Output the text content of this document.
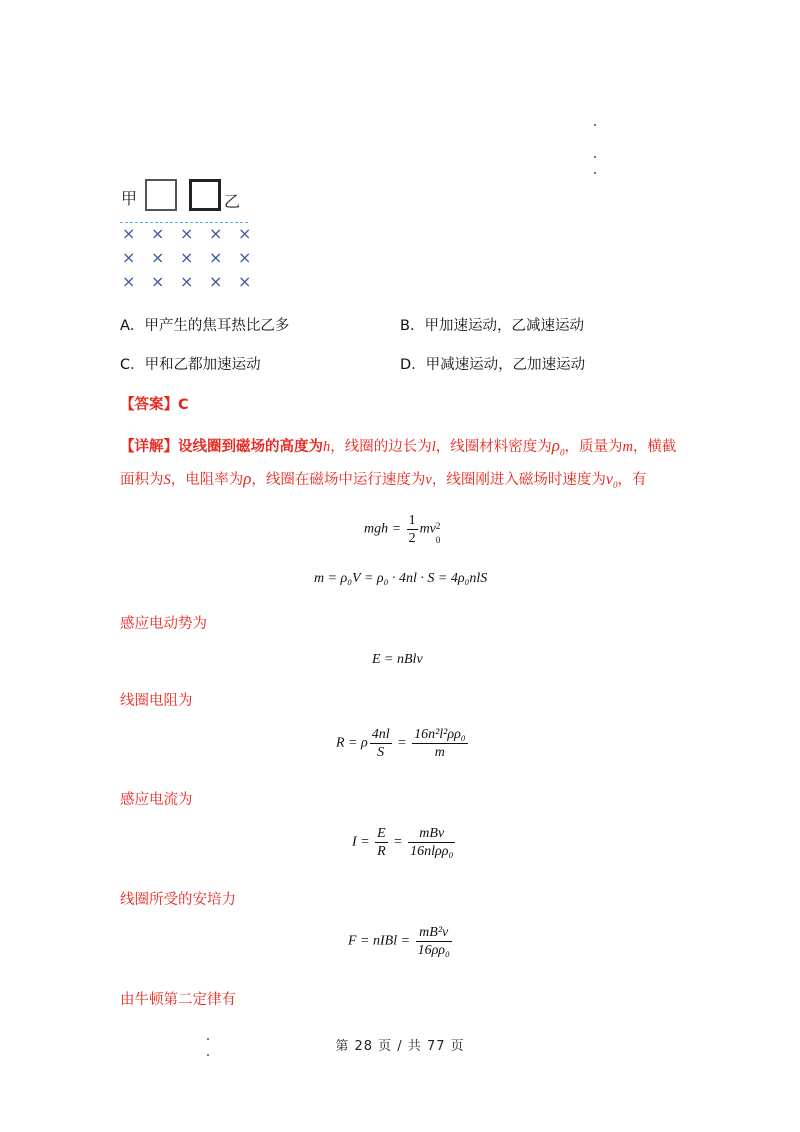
甲	乙
× × × × ×
× × × × ×
× × × × ×
A．甲产生的焦耳热比乙多	B．甲加速运动，乙减速运动
C．甲和乙都加速运动	D．甲减速运动，乙加速运动
【答案】C
【详解】设线圈到磁场的高度为h，线圈的边长为l，线圈材料密度为$\rho_0$，质量为m，横截
面积为S，电阻率为ρ，线圈在磁场中运行速度为v，线圈刚进入磁场时速度为$v_0$，有
mgh = $\frac{1}{2}$ mv 2
0
m = ρ₀V = ρ₀ · 4nl · S = 4ρ₀nlS
感应电动势为
E = nBlv
线圈电阻为
R = ρ $\frac{4nl}{S} = \frac{\text{16n²l²ρρ₀}}{m}$
感应电流为
$I = \frac{E}{R} = \frac{\text{mBv}}{\text{16nlρρ₀}}$
线圈所受的安培力
F = nIBl = $\frac{\text{mB²v}}{\text{16ρρ₀}}$
由牛顿第二定律有
第 28 页 / 共 77 页
